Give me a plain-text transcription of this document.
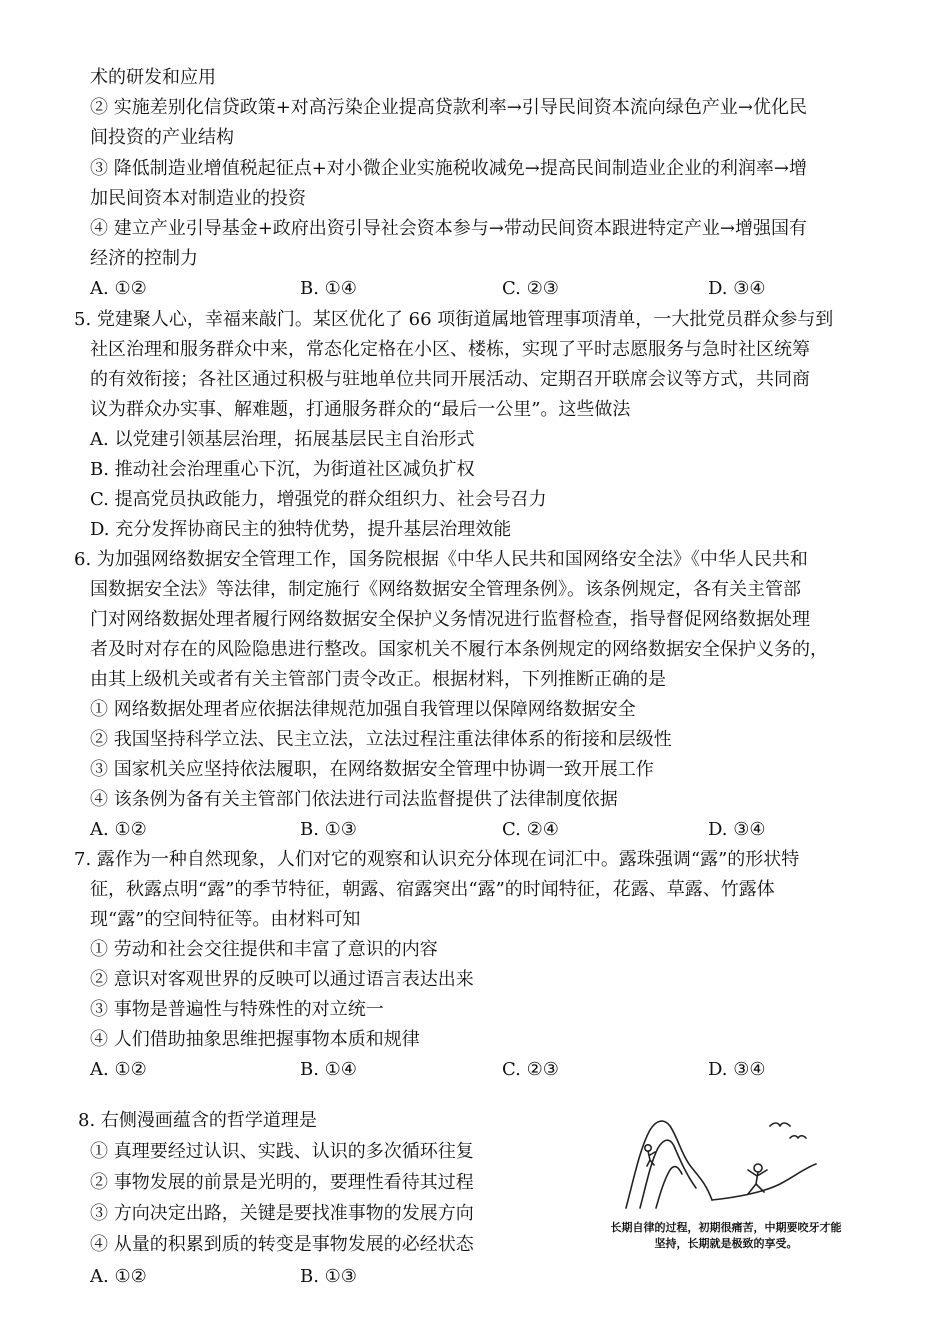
术的研发和应用
② 实施差别化信贷政策+对高污染企业提高贷款利率→引导民间资本流向绿色产业→优化民
间投资的产业结构
③ 降低制造业增值税起征点+对小微企业实施税收减免→提高民间制造业企业的利润率→增
加民间资本对制造业的投资
④ 建立产业引导基金+政府出资引导社会资本参与→带动民间资本跟进特定产业→增强国有
经济的控制力
A. ①②	B. ①④	C. ②③	D. ③④
5. 党建聚人心，幸福来敲门。某区优化了 66 项街道属地管理事项清单，一大批党员群众参与到
社区治理和服务群众中来，常态化定格在小区、楼栋，实现了平时志愿服务与急时社区统筹
的有效衔接；各社区通过积极与驻地单位共同开展活动、定期召开联席会议等方式，共同商
议为群众办实事、解难题，打通服务群众的“最后一公里”。这些做法
A. 以党建引领基层治理，拓展基层民主自治形式
B. 推动社会治理重心下沉，为街道社区减负扩权
C. 提高党员执政能力，增强党的群众组织力、社会号召力
D. 充分发挥协商民主的独特优势，提升基层治理效能
6. 为加强网络数据安全管理工作，国务院根据《中华人民共和国网络安全法》《中华人民共和
国数据安全法》等法律，制定施行《网络数据安全管理条例》。该条例规定，各有关主管部
门对网络数据处理者履行网络数据安全保护义务情况进行监督检查，指导督促网络数据处理
者及时对存在的风险隐患进行整改。国家机关不履行本条例规定的网络数据安全保护义务的，
由其上级机关或者有关主管部门责令改正。根据材料，下列推断正确的是
① 网络数据处理者应依据法律规范加强自我管理以保障网络数据安全
② 我国坚持科学立法、民主立法，立法过程注重法律体系的衔接和层级性
③ 国家机关应坚持依法履职，在网络数据安全管理中协调一致开展工作
④ 该条例为备有关主管部门依法进行司法监督提供了法律制度依据
A. ①②	B. ①③	C. ②④	D. ③④
7. 露作为一种自然现象，人们对它的观察和认识充分体现在词汇中。露珠强调“露”的形状特
征，秋露点明“露”的季节特征，朝露、宿露突出“露”的时闻特征，花露、草露、竹露体
现“露”的空间特征等。由材料可知
① 劳动和社会交往提供和丰富了意识的内容
② 意识对客观世界的反映可以通过语言表达出来
③ 事物是普遍性与特殊性的对立统一
④ 人们借助抽象思维把握事物本质和规律
A. ①②	B. ①④	C. ②③	D. ③④
8. 右侧漫画蕴含的哲学道理是
① 真理要经过认识、实践、认识的多次循环往复
② 事物发展的前景是光明的，要理性看待其过程
③ 方向决定出路，关键是要找准事物的发展方向
④ 从量的积累到质的转变是事物发展的必经状态
A. ①②	B. ①③
长期自律的过程，初期很痛苦，中期要咬牙才能坚持，长期就是极致的享受。
